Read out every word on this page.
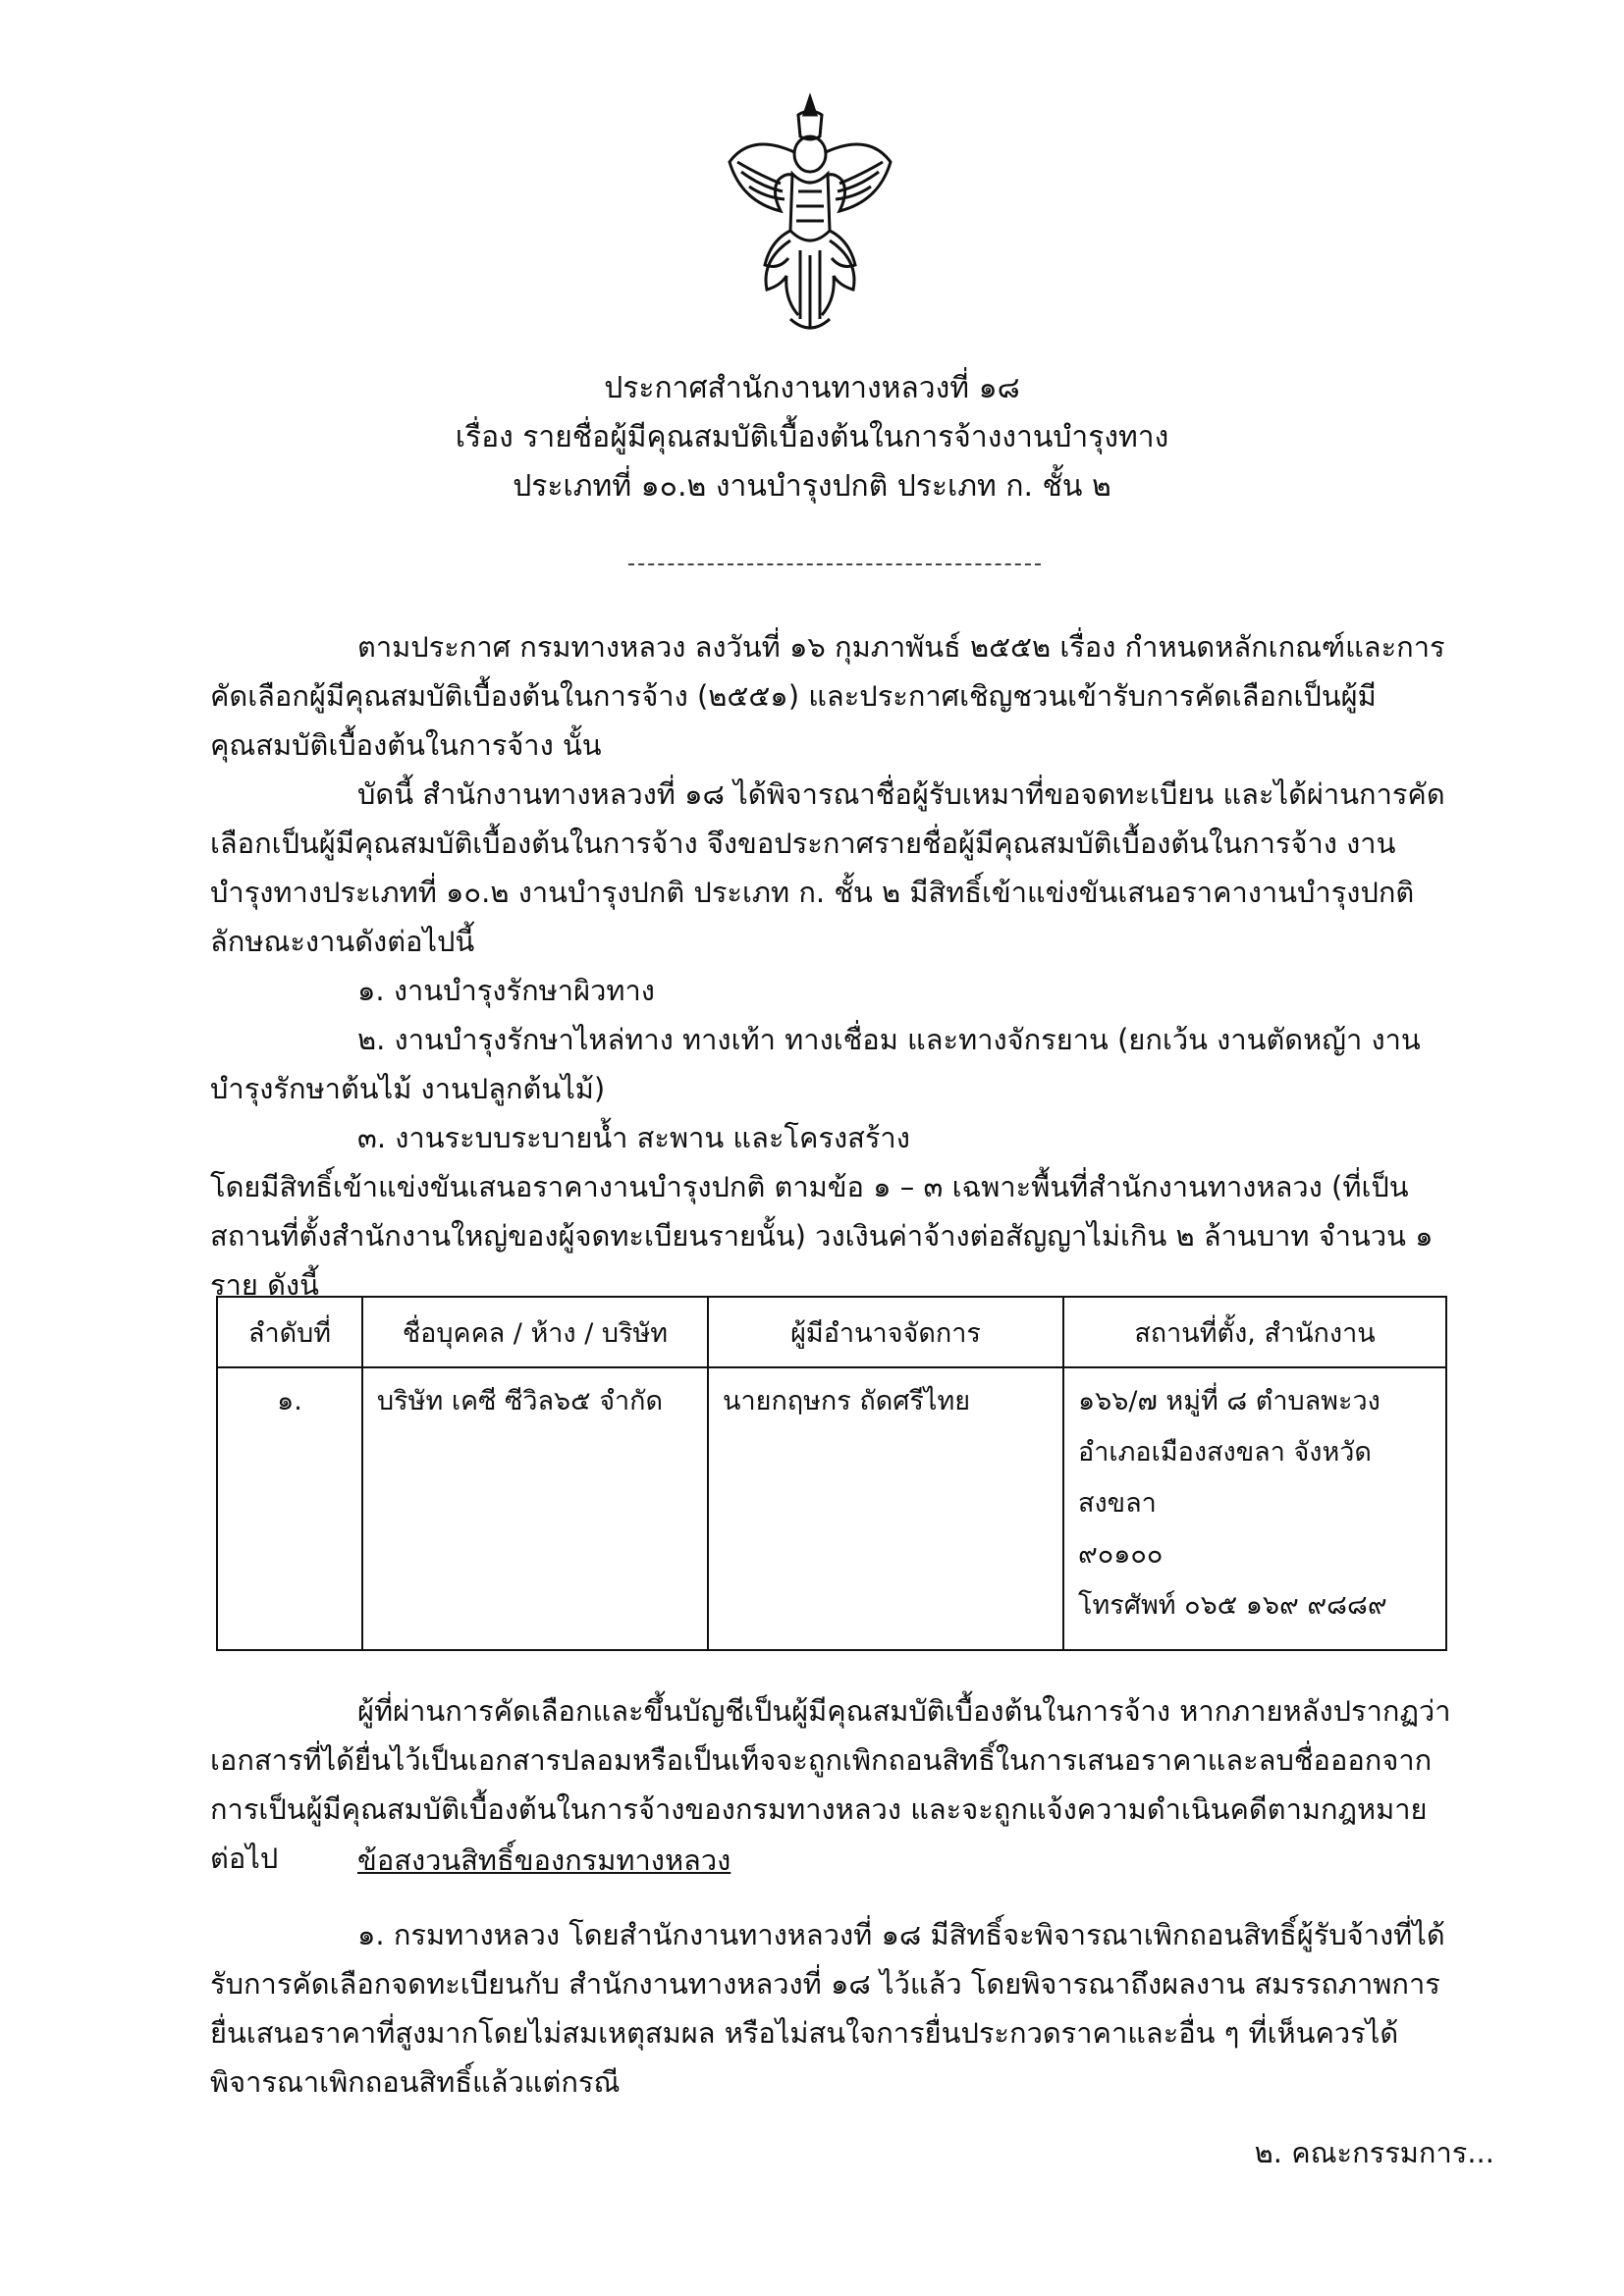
ประกาศสำนักงานทางหลวงที่ ๑๘
เรื่อง รายชื่อผู้มีคุณสมบัติเบื้องต้นในการจ้างงานบำรุงทาง
ประเภทที่ ๑๐.๒ งานบำรุงปกติ ประเภท ก. ชั้น ๒
ตามประกาศ กรมทางหลวง ลงวันที่ ๑๖ กุมภาพันธ์ ๒๕๕๒ เรื่อง กำหนดหลักเกณฑ์และการคัดเลือกผู้มีคุณสมบัติเบื้องต้นในการจ้าง (๒๕๕๑) และประกาศเชิญชวนเข้ารับการคัดเลือกเป็นผู้มีคุณสมบัติเบื้องต้นในการจ้าง นั้น
บัดนี้ สำนักงานทางหลวงที่ ๑๘ ได้พิจารณาชื่อผู้รับเหมาที่ขอจดทะเบียน และได้ผ่านการคัดเลือกเป็นผู้มีคุณสมบัติเบื้องต้นในการจ้าง จึงขอประกาศรายชื่อผู้มีคุณสมบัติเบื้องต้นในการจ้าง งานบำรุงทางประเภทที่ ๑๐.๒ งานบำรุงปกติ ประเภท ก. ชั้น ๒ มีสิทธิ์เข้าแข่งขันเสนอราคางานบำรุงปกติลักษณะงานดังต่อไปนี้
๑. งานบำรุงรักษาผิวทาง
๒. งานบำรุงรักษาไหล่ทาง ทางเท้า ทางเชื่อม และทางจักรยาน (ยกเว้น งานตัดหญ้า งานบำรุงรักษาต้นไม้ งานปลูกต้นไม้)
๓. งานระบบระบายน้ำ สะพาน และโครงสร้าง
โดยมีสิทธิ์เข้าแข่งขันเสนอราคางานบำรุงปกติ ตามข้อ ๑ – ๓ เฉพาะพื้นที่สำนักงานทางหลวง (ที่เป็นสถานที่ตั้งสำนักงานใหญ่ของผู้จดทะเบียนรายนั้น) วงเงินค่าจ้างต่อสัญญาไม่เกิน ๒ ล้านบาท จำนวน ๑ ราย ดังนี้
ลำดับที่	ชื่อบุคคล / ห้าง / บริษัท	ผู้มีอำนาจจัดการ	สถานที่ตั้ง, สำนักงาน
๑.	บริษัท เคซี ซีวิล๖๕ จำกัด	นายกฤษกร ถัดศรีไทย	๑๖๖/๗ หมู่ที่ ๘ ตำบลพะวง
อำเภอเมืองสงขลา จังหวัดสงขลา
๙๐๑๐๐
โทรศัพท์ ๐๖๕ ๑๖๙ ๙๘๘๙
ผู้ที่ผ่านการคัดเลือกและขึ้นบัญชีเป็นผู้มีคุณสมบัติเบื้องต้นในการจ้าง หากภายหลังปรากฏว่าเอกสารที่ได้ยื่นไว้เป็นเอกสารปลอมหรือเป็นเท็จจะถูกเพิกถอนสิทธิ์ในการเสนอราคาและลบชื่อออกจากการเป็นผู้มีคุณสมบัติเบื้องต้นในการจ้างของกรมทางหลวง และจะถูกแจ้งความดำเนินคดีตามกฎหมายต่อไป	ข้อสงวนสิทธิ์ของกรมทางหลวง
๑. กรมทางหลวง โดยสำนักงานทางหลวงที่ ๑๘ มีสิทธิ์จะพิจารณาเพิกถอนสิทธิ์ผู้รับจ้างที่ได้รับการคัดเลือกจดทะเบียนกับ สำนักงานทางหลวงที่ ๑๘ ไว้แล้ว โดยพิจารณาถึงผลงาน สมรรถภาพการยื่นเสนอราคาที่สูงมากโดยไม่สมเหตุสมผล หรือไม่สนใจการยื่นประกวดราคาและอื่น ๆ ที่เห็นควรได้พิจารณาเพิกถอนสิทธิ์แล้วแต่กรณี
๒. คณะกรรมการ...
